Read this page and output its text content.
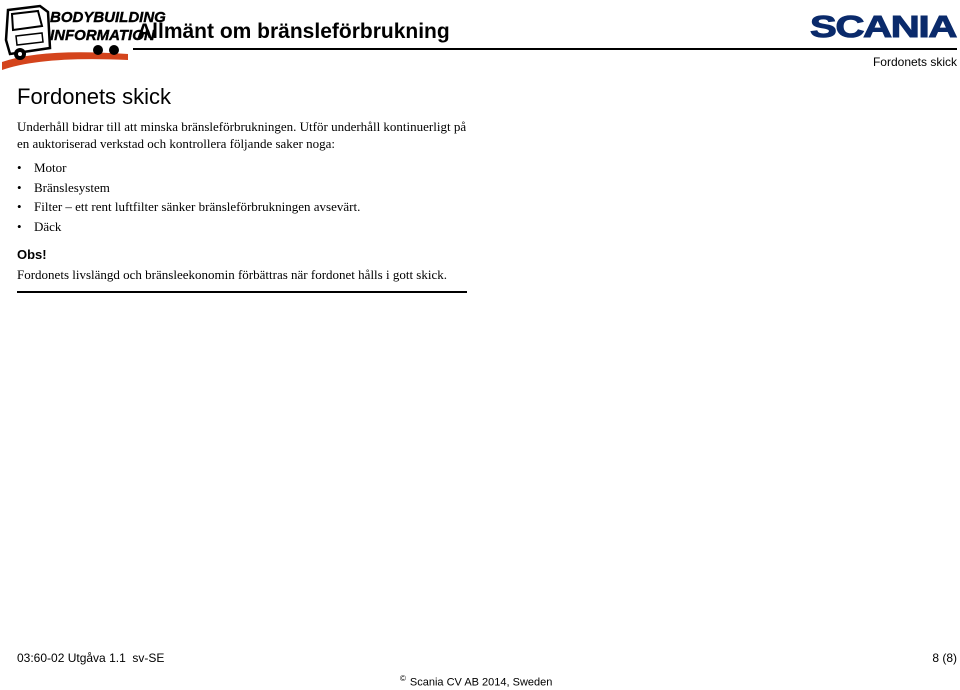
BODYBUILDING
INFORMATION
Allmänt om bränsleförbrukning	SCANIA
Fordonets skick
Fordonets skick
Underhåll bidrar till att minska bränsleförbrukningen. Utför underhåll kontinuerligt på en auktoriserad verkstad och kontrollera följande saker noga:
• Motor
• Bränslesystem
• Filter – ett rent luftfilter sänker bränsleförbrukningen avsevärt.
• Däck
Obs!
Fordonets livslängd och bränsleekonomin förbättras när fordonet hålls i gott skick.
03:60-02 Utgåva 1.1  sv-SE	8 (8)
© Scania CV AB 2014, Sweden
